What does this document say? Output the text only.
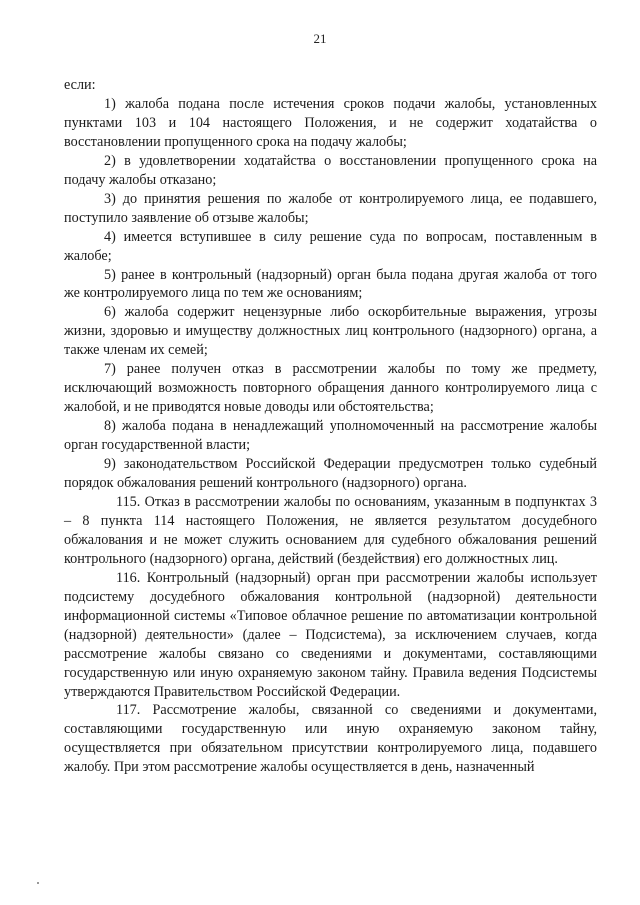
21

если:

1) жалоба подана после истечения сроков подачи жалобы, установленных пунктами 103 и 104 настоящего Положения, и не содержит ходатайства о восстановлении пропущенного срока на подачу жалобы;

2) в удовлетворении ходатайства о восстановлении пропущенного срока на подачу жалобы отказано;

3) до принятия решения по жалобе от контролируемого лица, ее подавшего, поступило заявление об отзыве жалобы;

4) имеется вступившее в силу решение суда по вопросам, поставленным в жалобе;

5) ранее в контрольный (надзорный) орган была подана другая жалоба от того же контролируемого лица по тем же основаниям;

6) жалоба содержит нецензурные либо оскорбительные выражения, угрозы жизни, здоровью и имуществу должностных лиц контрольного (надзорного) органа, а также членам их семей;

7) ранее получен отказ в рассмотрении жалобы по тому же предмету, исключающий возможность повторного обращения данного контролируемого лица с жалобой, и не приводятся новые доводы или обстоятельства;

8) жалоба подана в ненадлежащий уполномоченный на рассмотрение жалобы орган государственной власти;

9) законодательством Российской Федерации предусмотрен только судебный порядок обжалования решений контрольного (надзорного) органа.

115. Отказ в рассмотрении жалобы по основаниям, указанным в подпунктах 3 – 8 пункта 114 настоящего Положения, не является результатом досудебного обжалования и не может служить основанием для судебного обжалования решений контрольного (надзорного) органа, действий (бездействия) его должностных лиц.

116. Контрольный (надзорный) орган при рассмотрении жалобы использует подсистему досудебного обжалования контрольной (надзорной) деятельности информационной системы «Типовое облачное решение по автоматизации контрольной (надзорной) деятельности» (далее – Подсистема), за исключением случаев, когда рассмотрение жалобы связано со сведениями и документами, составляющими государственную или иную охраняемую законом тайну. Правила ведения Подсистемы утверждаются Правительством Российской Федерации.

117. Рассмотрение жалобы, связанной со сведениями и документами, составляющими государственную или иную охраняемую законом тайну, осуществляется при обязательном присутствии контролируемого лица, подавшего жалобу. При этом рассмотрение жалобы осуществляется в день, назначенный
